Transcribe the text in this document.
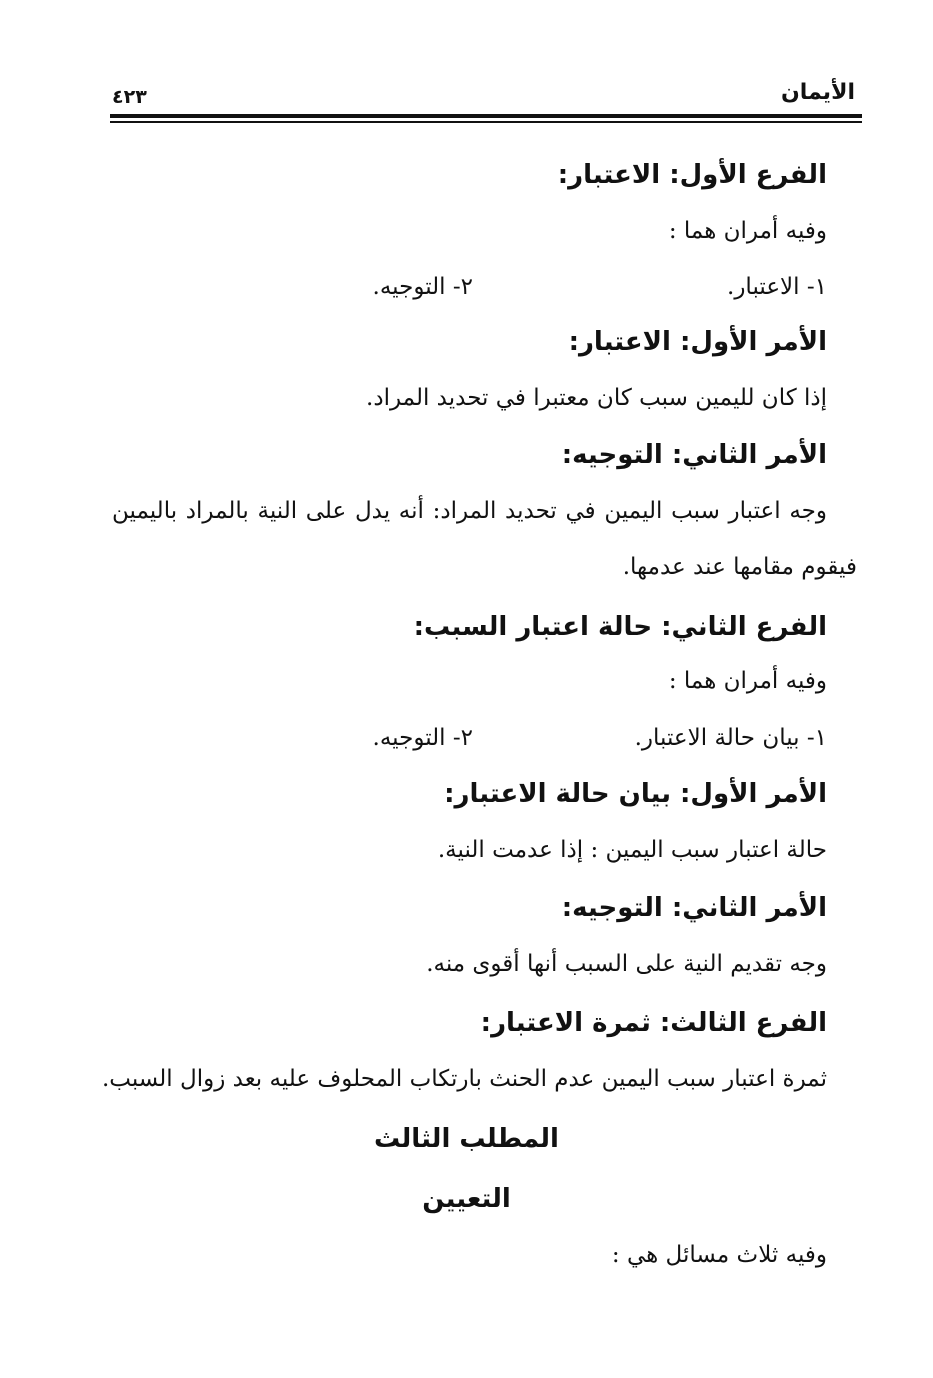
الأيمان
٤٢٣
الفرع الأول: الاعتبار:
وفيه أمران هما :
١- الاعتبار.
٢- التوجيه.
الأمر الأول: الاعتبار:
إذا كان لليمين سبب كان معتبرا في تحديد المراد.
الأمر الثاني: التوجيه:
وجه اعتبار سبب اليمين في تحديد المراد: أنه يدل على النية بالمراد باليمين
فيقوم مقامها عند عدمها.
الفرع الثاني: حالة اعتبار السبب:
وفيه أمران هما :
١- بيان حالة الاعتبار.
٢- التوجيه.
الأمر الأول: بيان حالة الاعتبار:
حالة اعتبار سبب اليمين : إذا عدمت النية.
الأمر الثاني: التوجيه:
وجه تقديم النية على السبب أنها أقوى منه.
الفرع الثالث: ثمرة الاعتبار:
ثمرة اعتبار سبب اليمين عدم الحنث بارتكاب المحلوف عليه بعد زوال السبب.
المطلب الثالث
التعيين
وفيه ثلاث مسائل هي :
